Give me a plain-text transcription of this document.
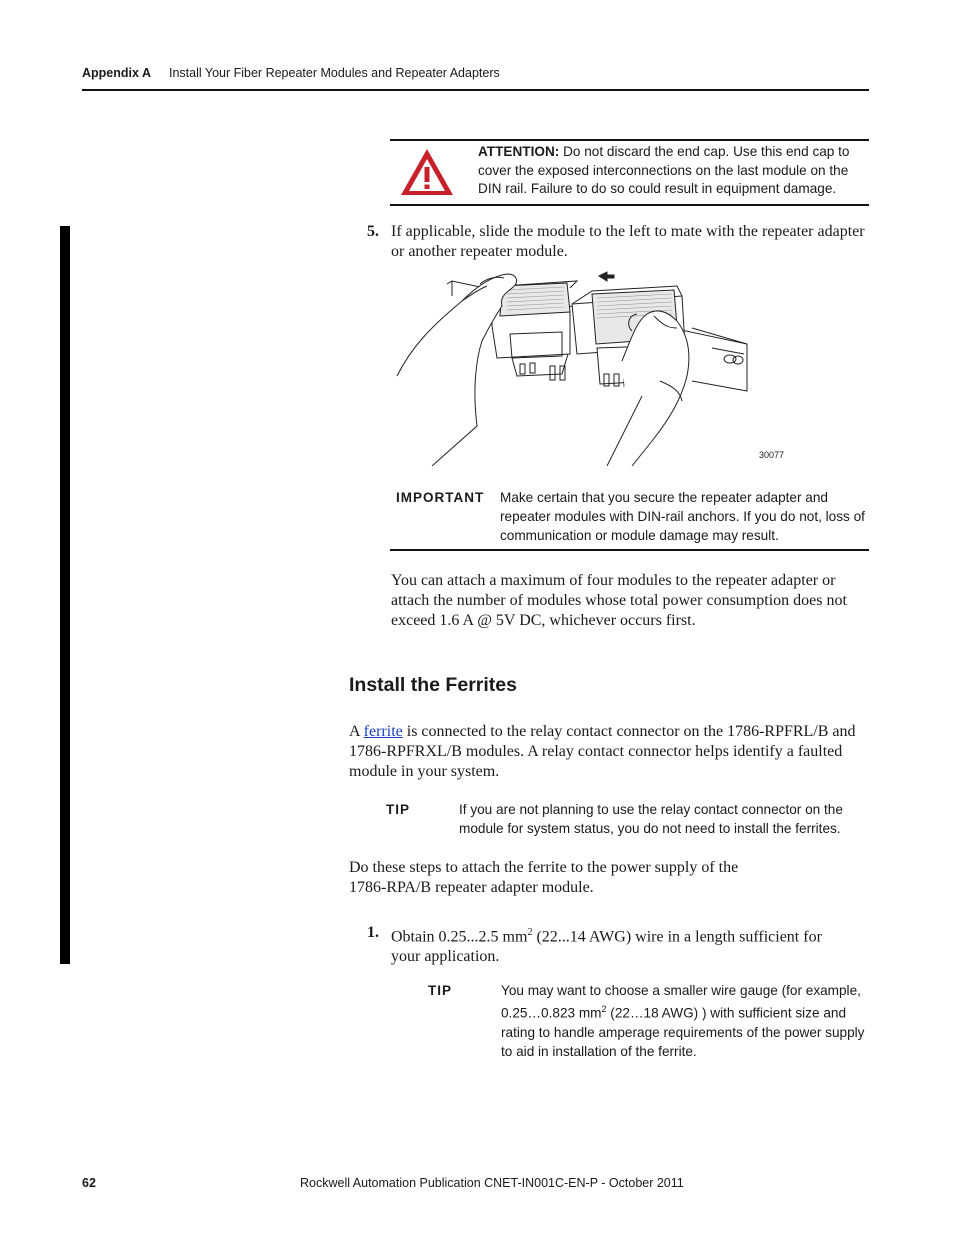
Appendix A Install Your Fiber Repeater Modules and Repeater Adapters
ATTENTION: Do not discard the end cap. Use this end cap to cover the exposed interconnections on the last module on the DIN rail. Failure to do so could result in equipment damage.
5. If applicable, slide the module to the left to mate with the repeater adapter or another repeater module.
30077
IMPORTANT Make certain that you secure the repeater adapter and repeater modules with DIN-rail anchors. If you do not, loss of communication or module damage may result.
You can attach a maximum of four modules to the repeater adapter or attach the number of modules whose total power consumption does not exceed 1.6 A @ 5V DC, whichever occurs first.
Install the Ferrites
A ferrite is connected to the relay contact connector on the 1786-RPFRL/B and 1786-RPFRXL/B modules. A relay contact connector helps identify a faulted module in your system.
TIP	If you are not planning to use the relay contact connector on the module for system status, you do not need to install the ferrites.
Do these steps to attach the ferrite to the power supply of the 1786-RPA/B repeater adapter module.
1. Obtain 0.25...2.5 $mm^2$ (22...14 AWG) wire in a length sufficient for your application.
TIP	You may want to choose a smaller wire gauge (for example, 0.25…0.823 $mm^2$ (22…18 AWG) ) with sufficient size and rating to handle amperage requirements of the power supply to aid in installation of the ferrite.
62	Rockwell Automation Publication CNET-IN001C-EN-P - October 2011
